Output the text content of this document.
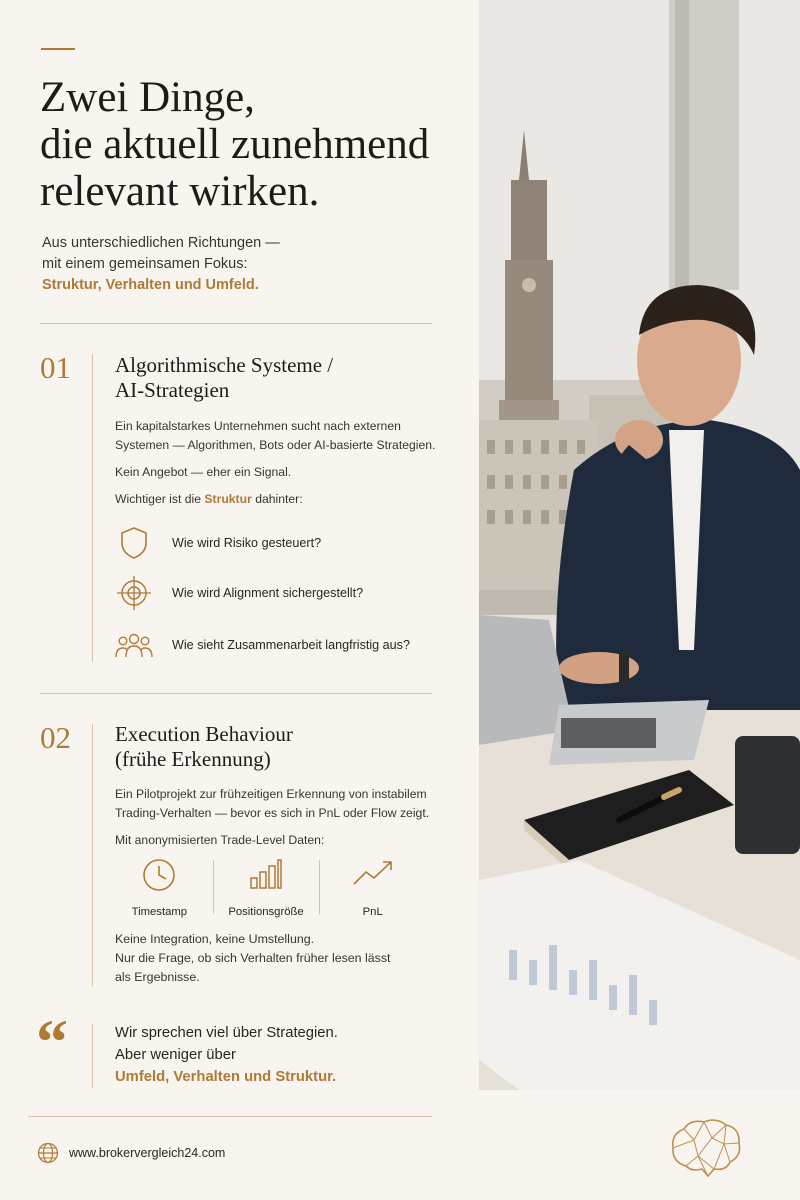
Zwei Dinge,
die aktuell zunehmend
relevant wirken.
Aus unterschiedlichen Richtungen —
mit einem gemeinsamen Fokus:
Struktur, Verhalten und Umfeld.
01 Algorithmische Systeme /
AI-Strategien
Ein kapitalstarkes Unternehmen sucht nach externen
Systemen — Algorithmen, Bots oder AI-basierte Strategien.
Kein Angebot — eher ein Signal.
Wichtiger ist die Struktur dahinter:
Wie wird Risiko gesteuert?
Wie wird Alignment sichergestellt?
Wie sieht Zusammenarbeit langfristig aus?
02 Execution Behaviour
(frühe Erkennung)
Ein Pilotprojekt zur frühzeitigen Erkennung von instabilem
Trading-Verhalten — bevor es sich in PnL oder Flow zeigt.
Mit anonymisierten Trade-Level Daten:
Timestamp	Positionsgröße	PnL
Keine Integration, keine Umstellung.
Nur die Frage, ob sich Verhalten früher lesen lässt
als Ergebnisse.
“	Wir sprechen viel über Strategien.
Aber weniger über
Umfeld, Verhalten und Struktur.
www.brokervergleich24.com
